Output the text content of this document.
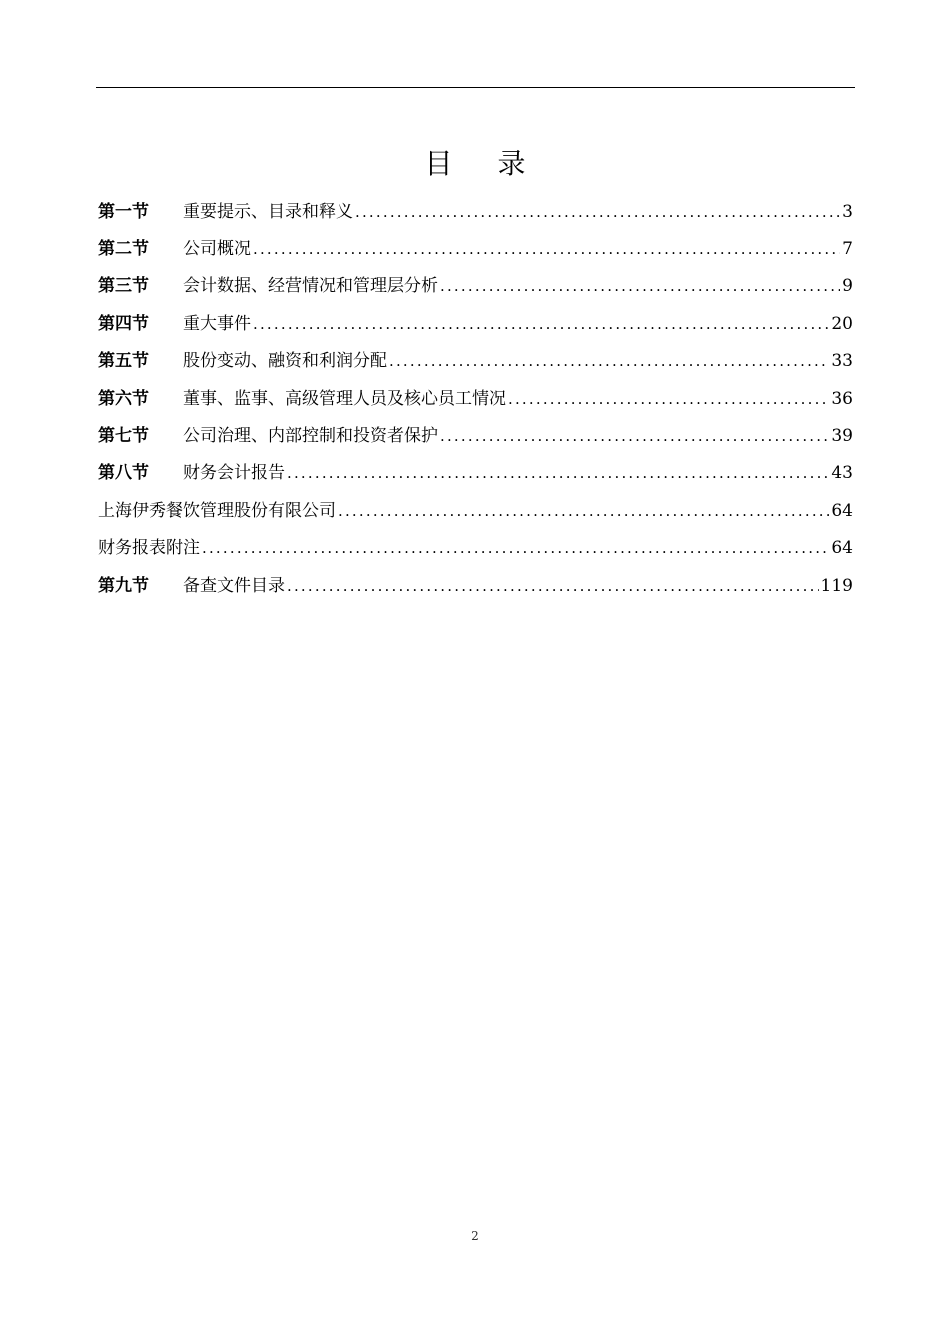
目 录
第一节	重要提示、目录和释义 .....	3
第二节	公司概况 .....	7
第三节	会计数据、经营情况和管理层分析 .....	9
第四节	重大事件 .....	20
第五节	股份变动、融资和利润分配 .....	33
第六节	董事、监事、高级管理人员及核心员工情况 .....	36
第七节	公司治理、内部控制和投资者保护 .....	39
第八节	财务会计报告 .....	43
上海伊秀餐饮管理股份有限公司 .....	64
财务报表附注 .....	64
第九节	备查文件目录 .....	119
2
